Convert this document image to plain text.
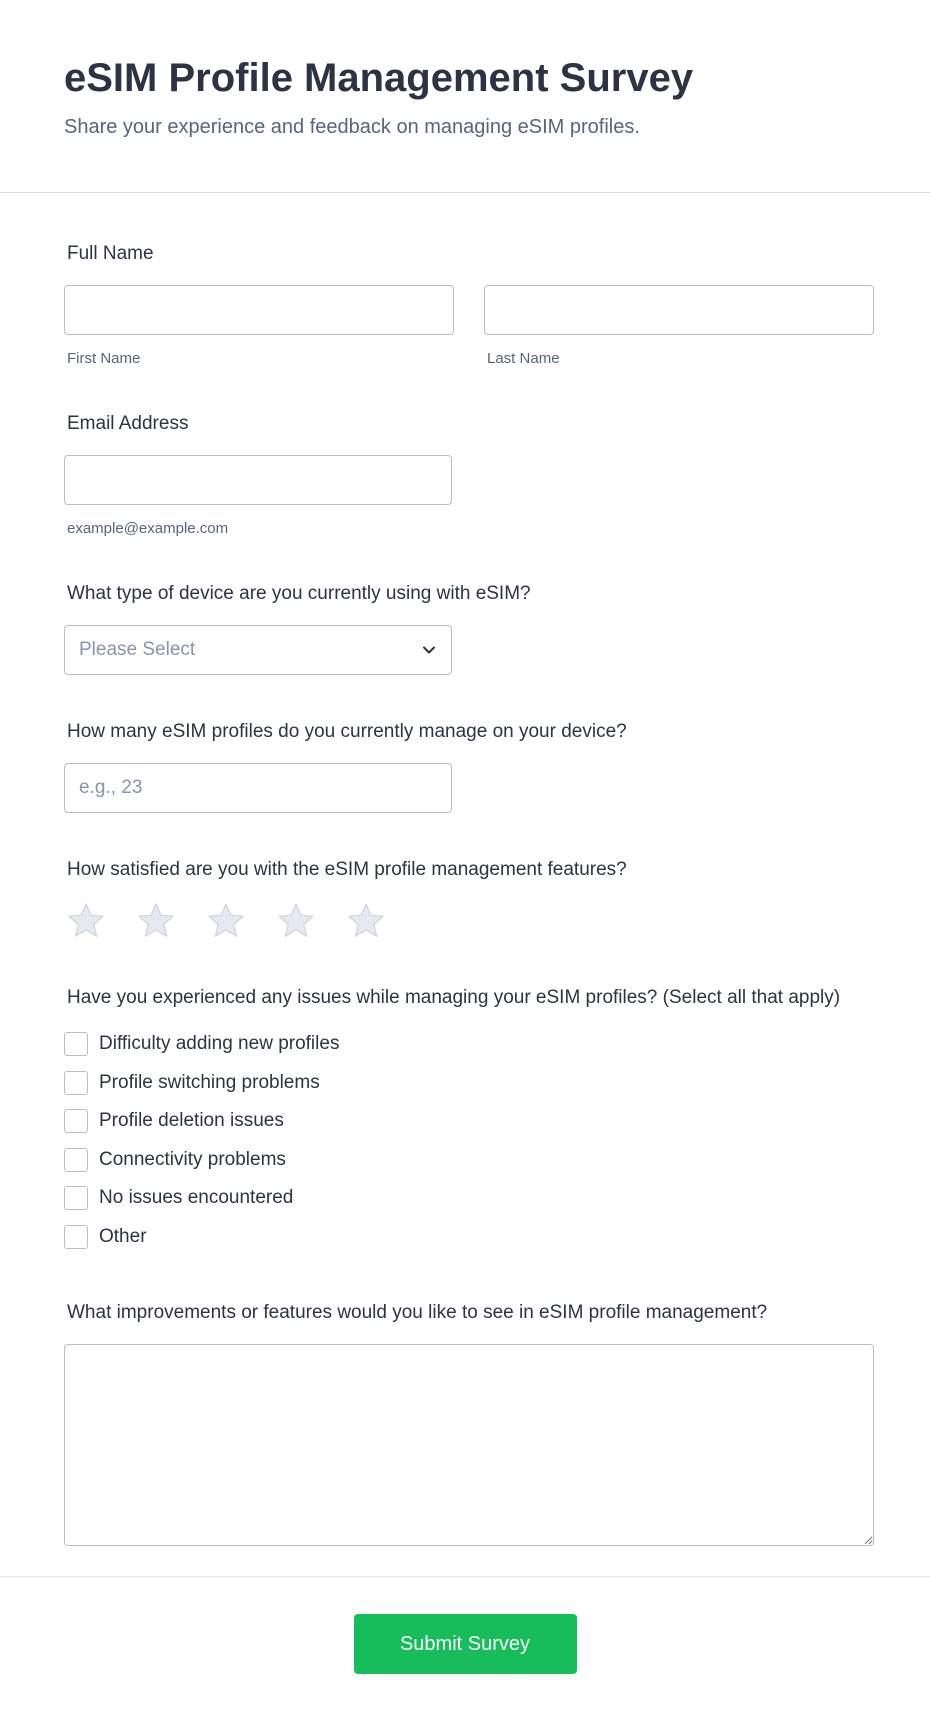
eSIM Profile Management Survey
Share your experience and feedback on managing eSIM profiles.
Full Name
First Name	Last Name
Email Address
example@example.com
What type of device are you currently using with eSIM?
Please Select
How many eSIM profiles do you currently manage on your device?
e.g., 23
How satisfied are you with the eSIM profile management features?
Have you experienced any issues while managing your eSIM profiles? (Select all that apply)
Difficulty adding new profiles
Profile switching problems
Profile deletion issues
Connectivity problems
No issues encountered
Other
What improvements or features would you like to see in eSIM profile management?
Submit Survey
